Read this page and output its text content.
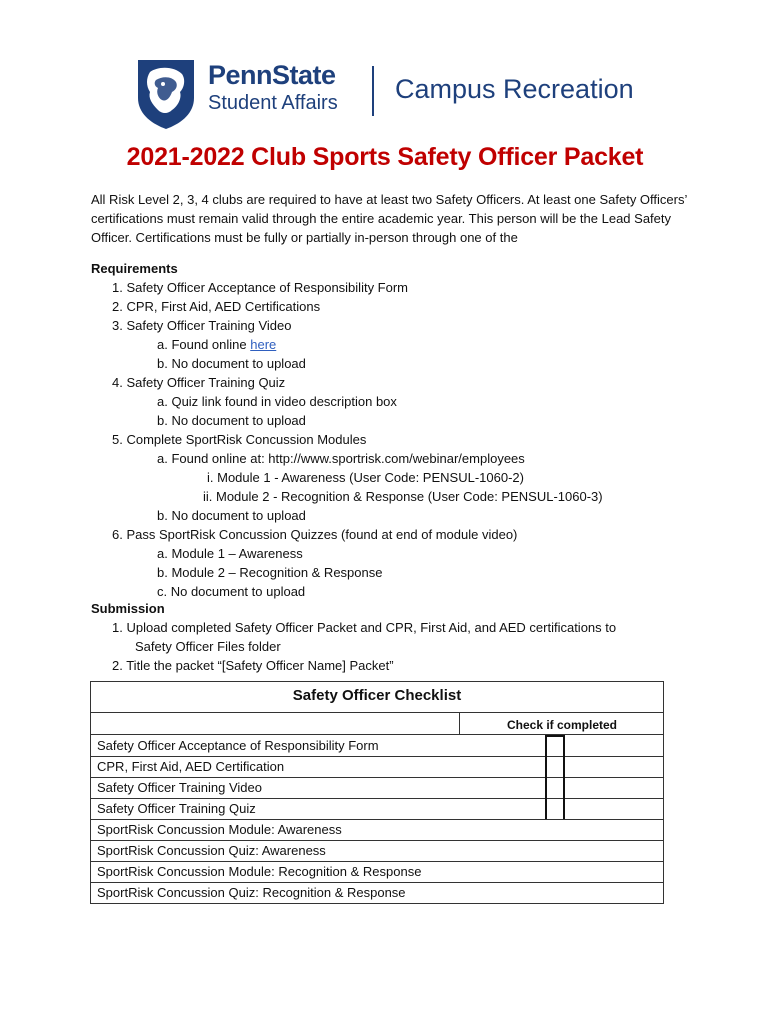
PennState
Student Affairs Campus Recreation
2021-2022 Club Sports Safety Officer Packet
All Risk Level 2, 3, 4 clubs are required to have at least two Safety Officers. At least one Safety Officers’ certifications must remain valid through the entire academic year. This person will be the Lead Safety Officer. Certifications must be fully or partially in-person through one of the
Requirements
1. Safety Officer Acceptance of Responsibility Form
2. CPR, First Aid, AED Certifications
3. Safety Officer Training Video
a. Found online here
b. No document to upload
4. Safety Officer Training Quiz
a. Quiz link found in video description box
b. No document to upload
5. Complete SportRisk Concussion Modules
a. Found online at: http://www.sportrisk.com/webinar/employees
i. Module 1 - Awareness (User Code: PENSUL-1060-2)
ii. Module 2 - Recognition & Response (User Code: PENSUL-1060-3)
b. No document to upload
6. Pass SportRisk Concussion Quizzes (found at end of module video)
a. Module 1 – Awareness
b. Module 2 – Recognition & Response
c. No document to upload
Submission
1. Upload completed Safety Officer Packet and CPR, First Aid, and AED certifications to
Safety Officer Files folder
2. Title the packet “[Safety Officer Name] Packet”
Safety Officer Checklist
Check if completed
Safety Officer Acceptance of Responsibility Form
CPR, First Aid, AED Certification
Safety Officer Training Video
Safety Officer Training Quiz
SportRisk Concussion Module: Awareness
SportRisk Concussion Quiz: Awareness
SportRisk Concussion Module: Recognition & Response
SportRisk Concussion Quiz: Recognition & Response
